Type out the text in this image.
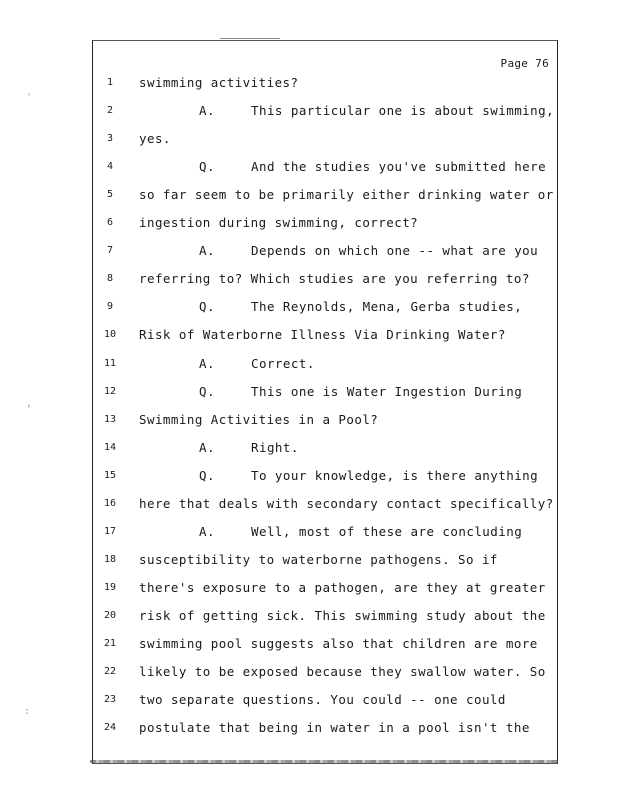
Page 76
1	swimming activities?
2	A.	This particular one is about swimming,
3	yes.
4	Q.	And the studies you've submitted here
5	so far seem to be primarily either drinking water or
6	ingestion during swimming, correct?
7	A.	Depends on which one -- what are you
8	referring to? Which studies are you referring to?
9	Q.	The Reynolds, Mena, Gerba studies,
10	Risk of Waterborne Illness Via Drinking Water?
11	A.	Correct.
12	Q.	This one is Water Ingestion During
13	Swimming Activities in a Pool?
14	A.	Right.
15	Q.	To your knowledge, is there anything
16	here that deals with secondary contact specifically?
17	A.	Well, most of these are concluding
18	susceptibility to waterborne pathogens. So if
19	there's exposure to a pathogen, are they at greater
20	risk of getting sick. This swimming study about the
21	swimming pool suggests also that children are more
22	likely to be exposed because they swallow water. So
23	two separate questions. You could -- one could
24	postulate that being in water in a pool isn't the
'
,
:
